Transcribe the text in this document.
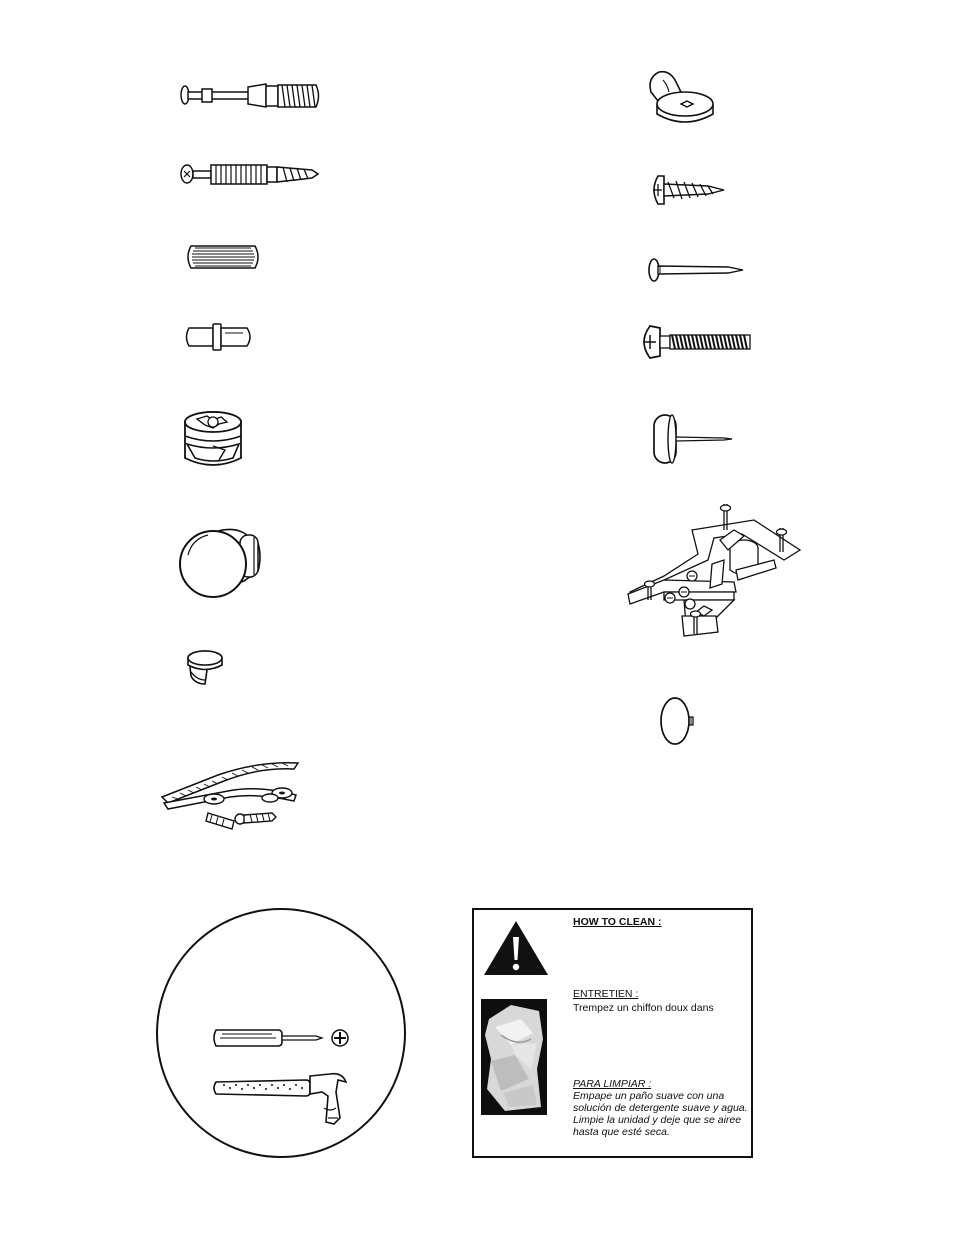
HOW TO CLEAN :
ENTRETIEN :
Trempez un chiffon doux dans
PARA LIMPIAR :
Empape un paño suave con una solución de detergente suave y agua.
Limpie la unidad y deje que se airee hasta que esté seca.
